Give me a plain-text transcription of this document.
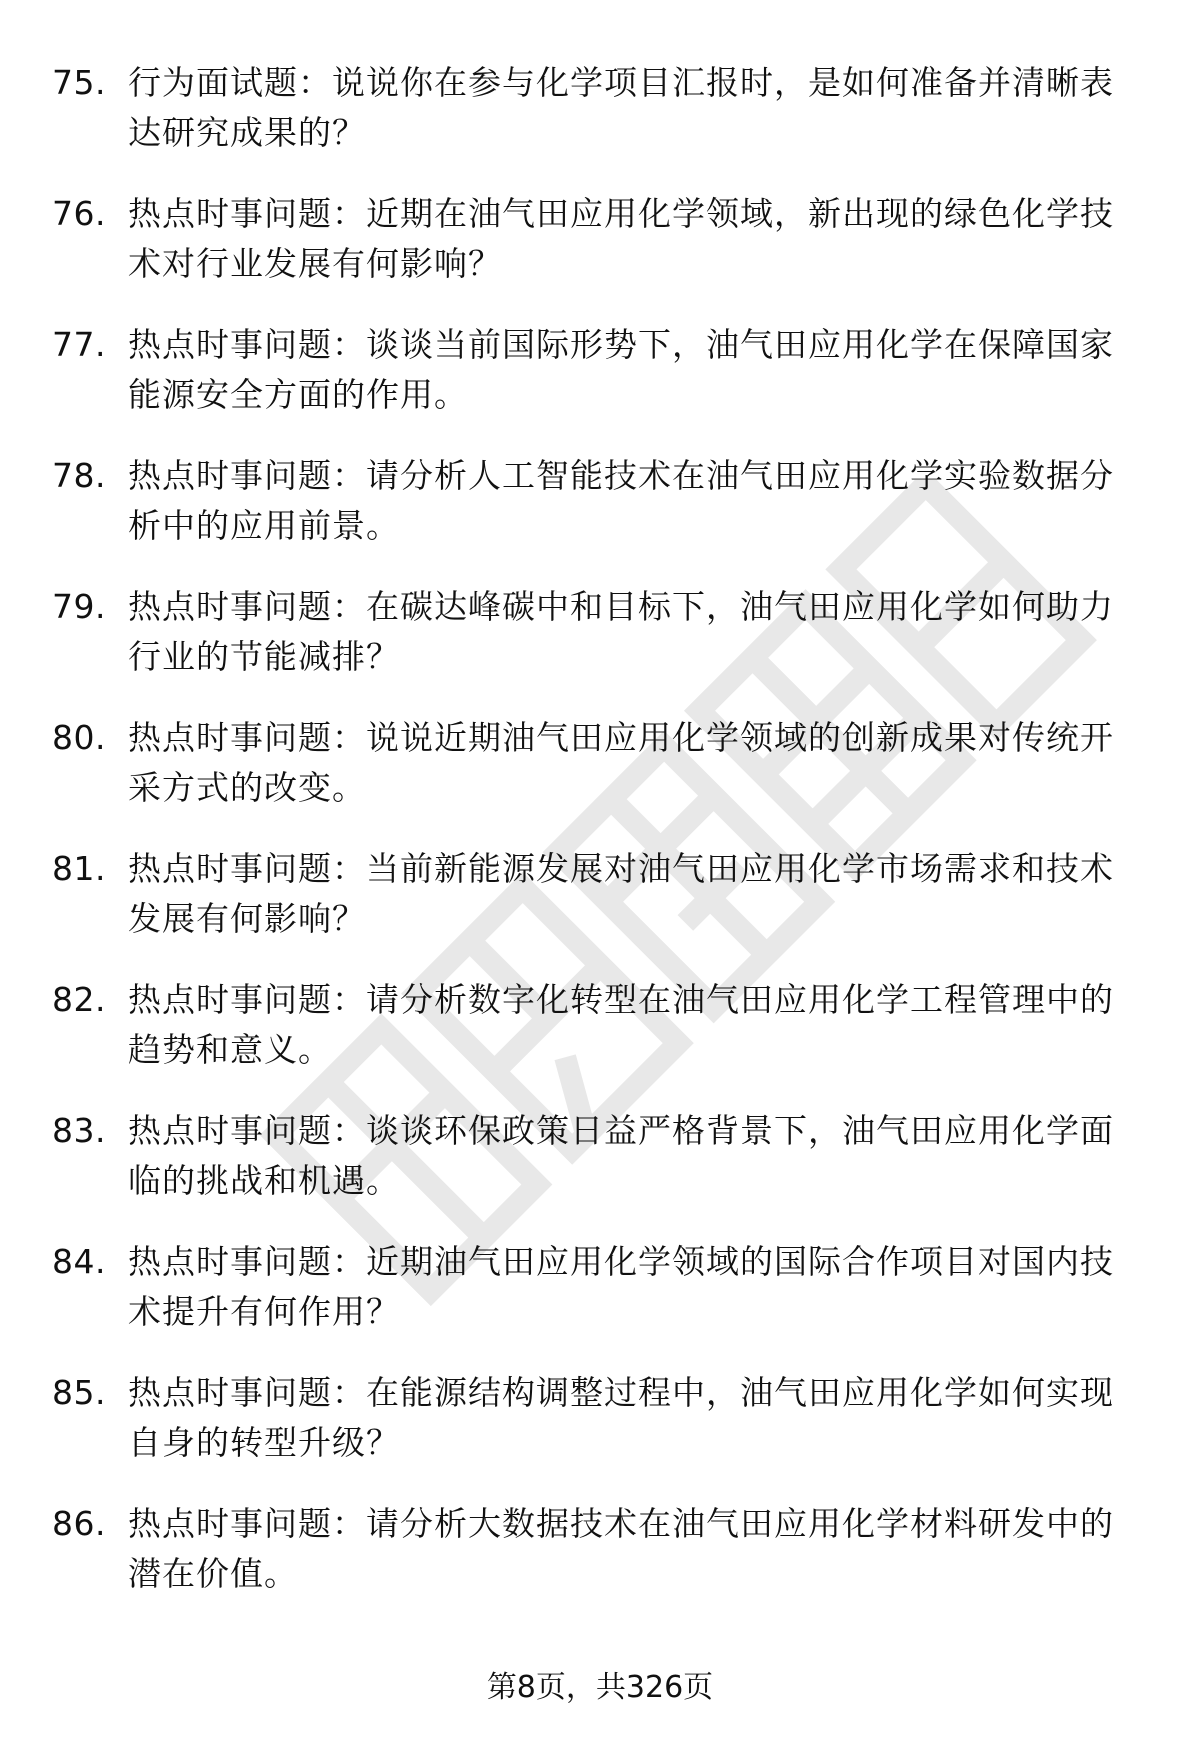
75. 行为面试题：说说你在参与化学项目汇报时，是如何准备并清晰表达研究成果的？
76. 热点时事问题：近期在油气田应用化学领域，新出现的绿色化学技术对行业发展有何影响？
77. 热点时事问题：谈谈当前国际形势下，油气田应用化学在保障国家能源安全方面的作用。
78. 热点时事问题：请分析人工智能技术在油气田应用化学实验数据分析中的应用前景。
79. 热点时事问题：在碳达峰碳中和目标下，油气田应用化学如何助力行业的节能减排？
80. 热点时事问题：说说近期油气田应用化学领域的创新成果对传统开采方式的改变。
81. 热点时事问题：当前新能源发展对油气田应用化学市场需求和技术发展有何影响？
82. 热点时事问题：请分析数字化转型在油气田应用化学工程管理中的趋势和意义。
83. 热点时事问题：谈谈环保政策日益严格背景下，油气田应用化学面临的挑战和机遇。
84. 热点时事问题：近期油气田应用化学领域的国际合作项目对国内技术提升有何作用？
85. 热点时事问题：在能源结构调整过程中，油气田应用化学如何实现自身的转型升级？
86. 热点时事问题：请分析大数据技术在油气田应用化学材料研发中的潜在价值。
第8页，共326页
